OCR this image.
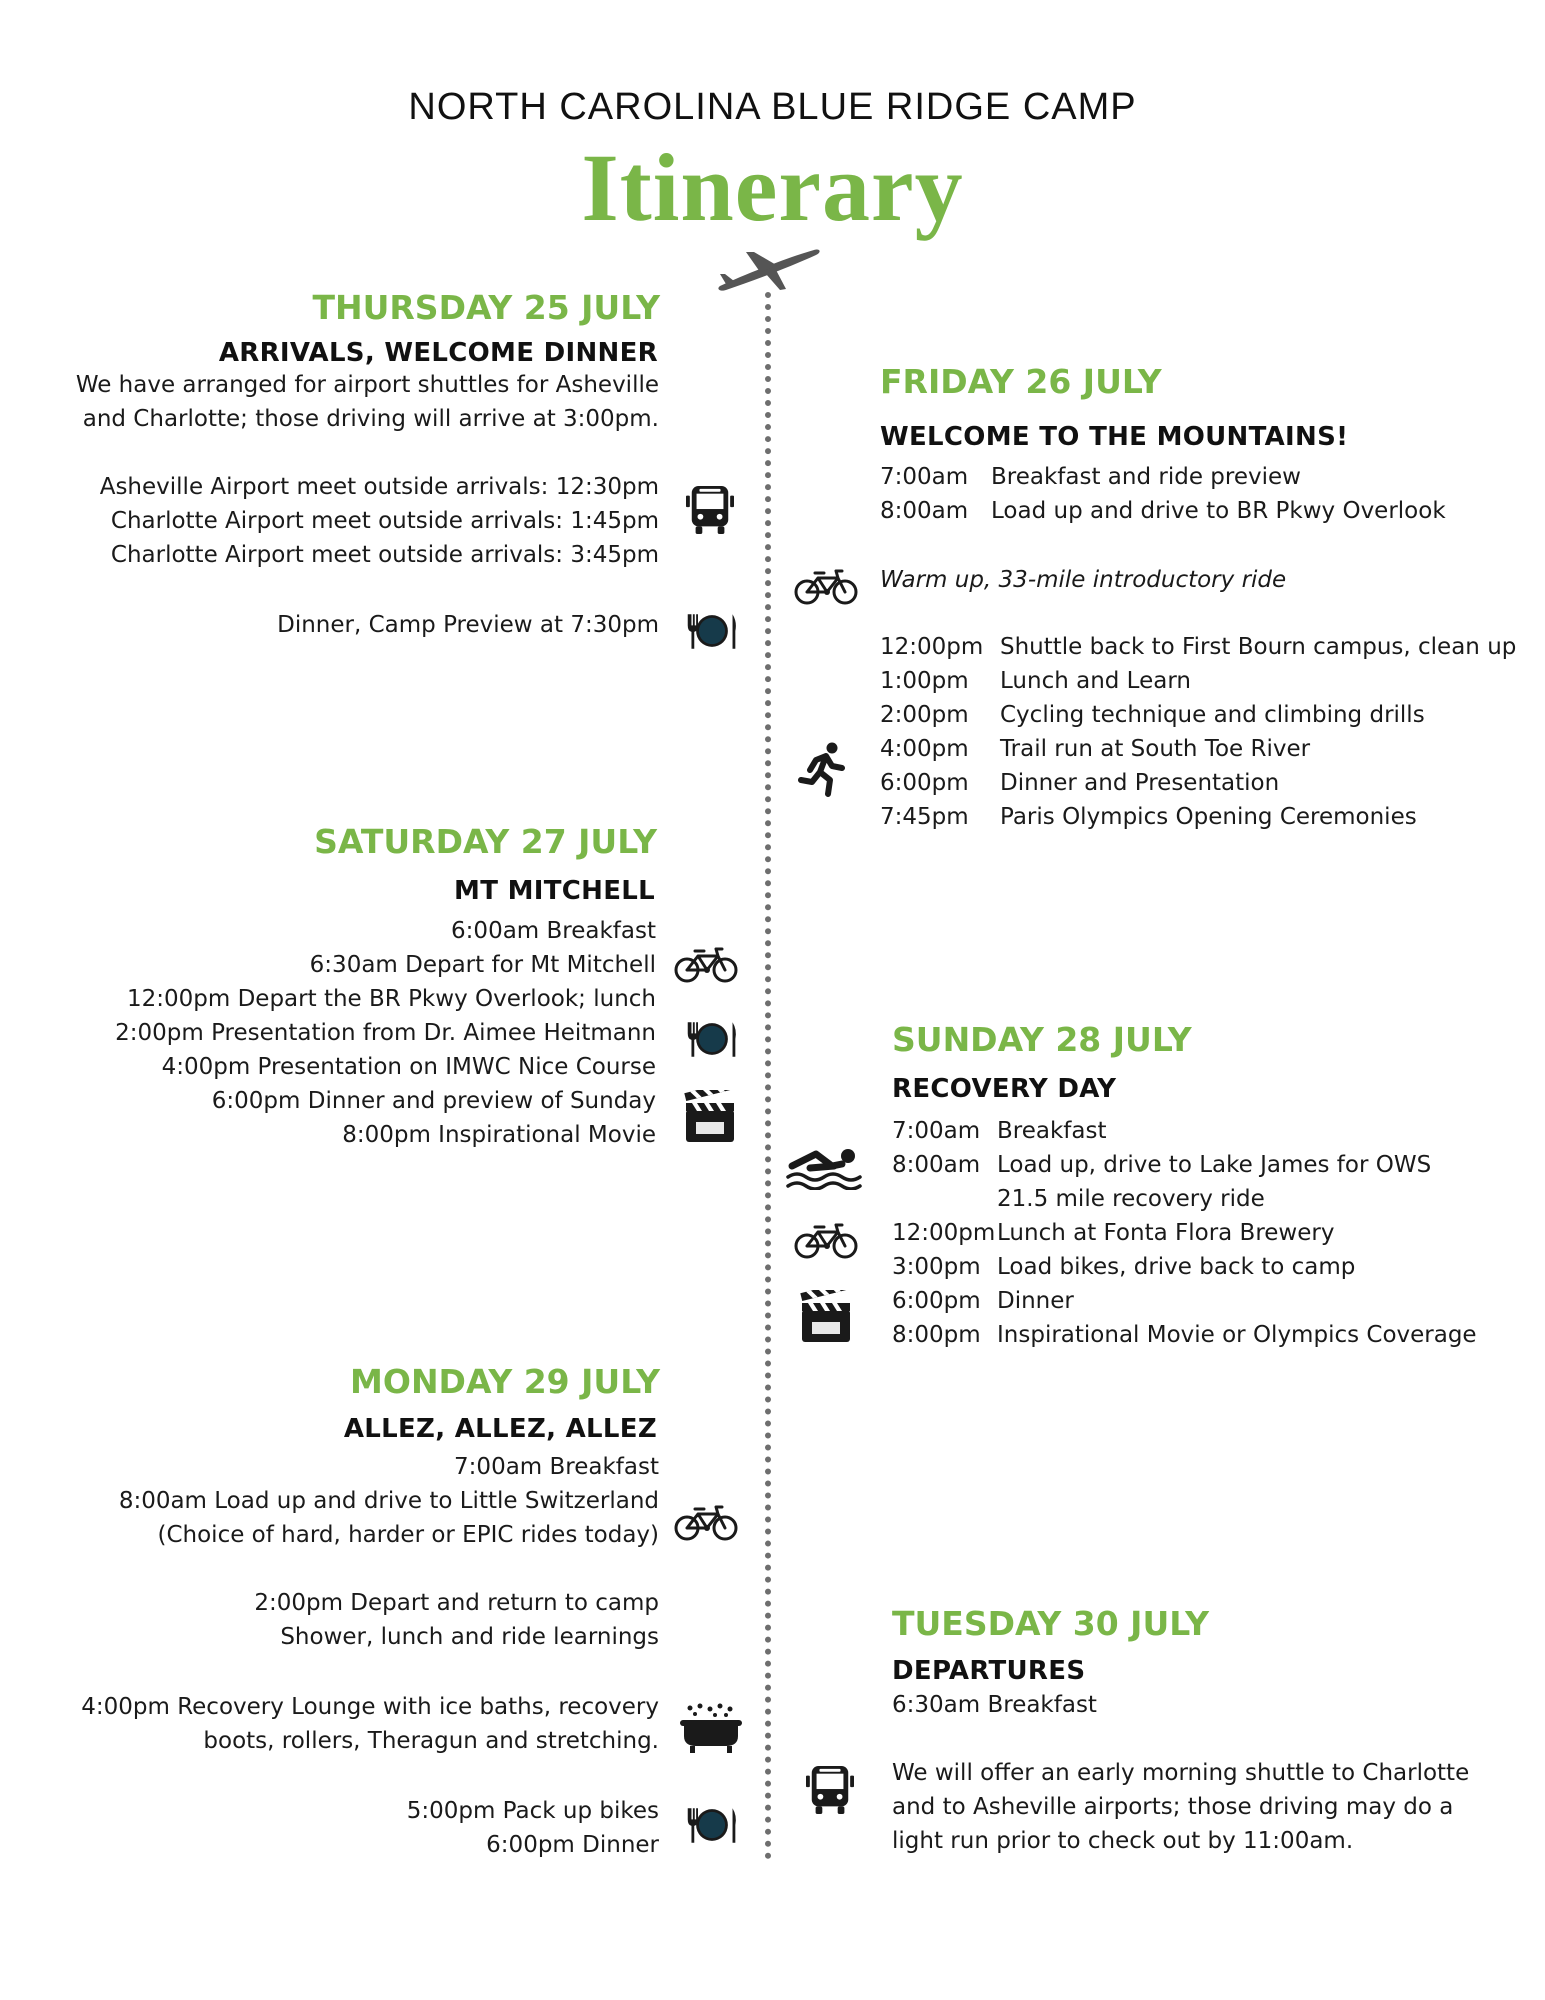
NORTH CAROLINA BLUE RIDGE CAMP
Itinerary
THURSDAY 25 JULY
ARRIVALS, WELCOME DINNER
We have arranged for airport shuttles for Asheville
and Charlotte; those driving will arrive at 3:00pm.
Asheville Airport meet outside arrivals: 12:30pm
Charlotte Airport meet outside arrivals: 1:45pm
Charlotte Airport meet outside arrivals: 3:45pm
Dinner, Camp Preview at 7:30pm
FRIDAY 26 JULY
WELCOME TO THE MOUNTAINS!
7:00am Breakfast and ride preview
8:00am Load up and drive to BR Pkwy Overlook
Warm up, 33-mile introductory ride
12:00pm Shuttle back to First Bourn campus, clean up
1:00pm	Lunch and Learn
2:00pm	Cycling technique and climbing drills
4:00pm	Trail run at South Toe River
6:00pm	Dinner and Presentation
7:45pm	Paris Olympics Opening Ceremonies
SATURDAY 27 JULY
MT MITCHELL
6:00am Breakfast
6:30am Depart for Mt Mitchell
12:00pm Depart the BR Pkwy Overlook; lunch
2:00pm Presentation from Dr. Aimee Heitmann
4:00pm Presentation on IMWC Nice Course
6:00pm Dinner and preview of Sunday
8:00pm Inspirational Movie
SUNDAY 28 JULY
RECOVERY DAY
7:00am Breakfast
8:00am Load up, drive to Lake James for OWS
21.5 mile recovery ride
12:00pm Lunch at Fonta Flora Brewery
3:00pm Load bikes, drive back to camp
6:00pm Dinner
8:00pm Inspirational Movie or Olympics Coverage
MONDAY 29 JULY
ALLEZ, ALLEZ, ALLEZ
7:00am Breakfast
8:00am Load up and drive to Little Switzerland
(Choice of hard, harder or EPIC rides today)
2:00pm Depart and return to camp
Shower, lunch and ride learnings
4:00pm Recovery Lounge with ice baths, recovery
boots, rollers, Theragun and stretching.
5:00pm Pack up bikes
6:00pm Dinner
TUESDAY 30 JULY
DEPARTURES
6:30am Breakfast
We will offer an early morning shuttle to Charlotte
and to Asheville airports; those driving may do a
light run prior to check out by 11:00am.
